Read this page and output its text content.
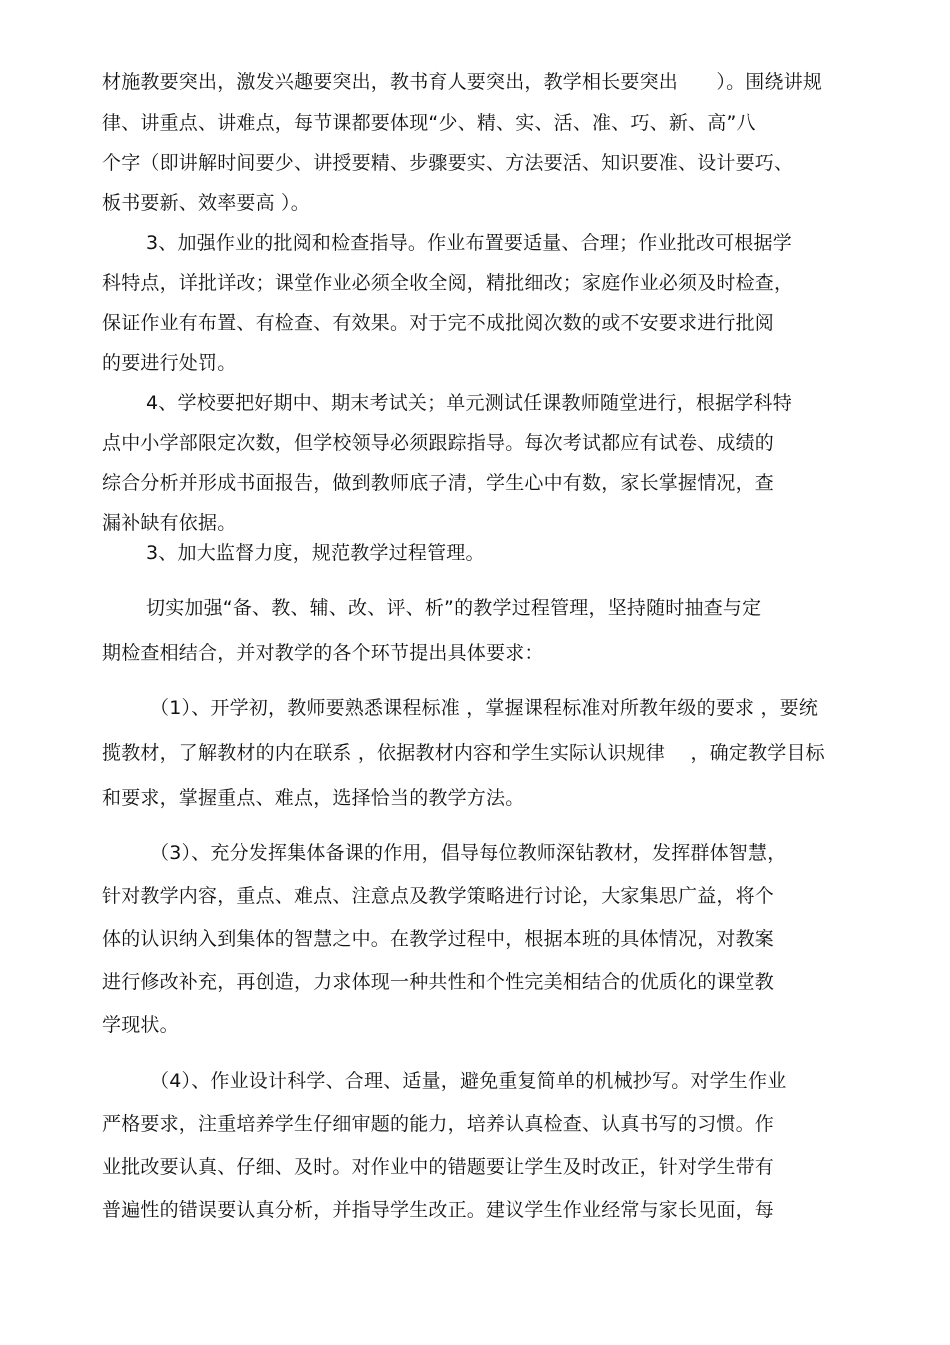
材施教要突出，激发兴趣要突出，教书育人要突出，教学相长要突出　　）。围绕讲规
律、讲重点、讲难点，每节课都要体现“少、精、实、活、准、巧、新、高”八
个字（即讲解时间要少、讲授要精、步骤要实、方法要活、知识要准、设计要巧、
板书要新、效率要高 ）。
3、加强作业的批阅和检查指导。作业布置要适量、合理；作业批改可根据学
科特点，详批详改；课堂作业必须全收全阅，精批细改；家庭作业必须及时检查，
保证作业有布置、有检查、有效果。对于完不成批阅次数的或不安要求进行批阅
的要进行处罚。
4、学校要把好期中、期末考试关；单元测试任课教师随堂进行，根据学科特
点中小学部限定次数，但学校领导必须跟踪指导。每次考试都应有试卷、成绩的
综合分析并形成书面报告，做到教师底子清，学生心中有数，家长掌握情况，查
漏补缺有依据。
3、加大监督力度，规范教学过程管理。
切实加强“备、教、辅、改、评、析”的教学过程管理，坚持随时抽查与定
期检查相结合，并对教学的各个环节提出具体要求：
（1）、开学初，教师要熟悉课程标准 ，掌握课程标准对所教年级的要求 ，要统
揽教材，了解教材的内在联系 ，依据教材内容和学生实际认识规律　 ，确定教学目标
和要求，掌握重点、难点，选择恰当的教学方法。
（3）、充分发挥集体备课的作用，倡导每位教师深钻教材，发挥群体智慧，
针对教学内容，重点、难点、注意点及教学策略进行讨论，大家集思广益，将个
体的认识纳入到集体的智慧之中。在教学过程中，根据本班的具体情况，对教案
进行修改补充，再创造，力求体现一种共性和个性完美相结合的优质化的课堂教
学现状。
（4）、作业设计科学、合理、适量，避免重复简单的机械抄写。对学生作业
严格要求，注重培养学生仔细审题的能力，培养认真检查、认真书写的习惯。作
业批改要认真、仔细、及时。对作业中的错题要让学生及时改正，针对学生带有
普遍性的错误要认真分析，并指导学生改正。建议学生作业经常与家长见面，每
